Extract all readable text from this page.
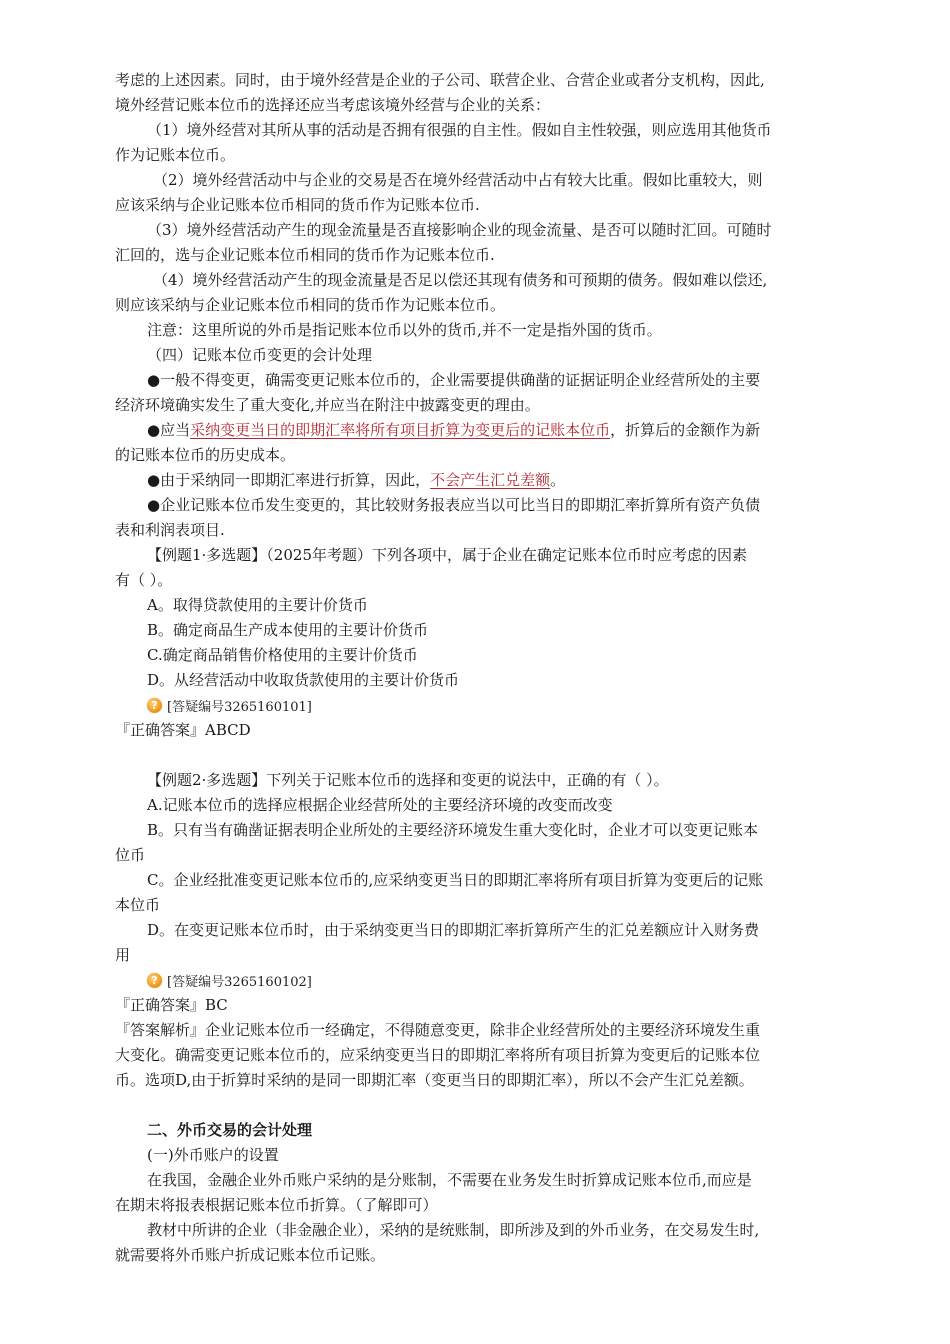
考虑的上述因素。同时，由于境外经营是企业的子公司、联营企业、合营企业或者分支机构，因此,
境外经营记账本位币的选择还应当考虑该境外经营与企业的关系：
（1）境外经营对其所从事的活动是否拥有很强的自主性。假如自主性较强，则应选用其他货币
作为记账本位币。
（2）境外经营活动中与企业的交易是否在境外经营活动中占有较大比重。假如比重较大，则
应该采纳与企业记账本位币相同的货币作为记账本位币.
（3）境外经营活动产生的现金流量是否直接影响企业的现金流量、是否可以随时汇回。可随时
汇回的，选与企业记账本位币相同的货币作为记账本位币.
（4）境外经营活动产生的现金流量是否足以偿还其现有债务和可预期的债务。假如难以偿还,
则应该采纳与企业记账本位币相同的货币作为记账本位币。
注意：这里所说的外币是指记账本位币以外的货币,并不一定是指外国的货币。
（四）记账本位币变更的会计处理
●一般不得变更，确需变更记账本位币的，企业需要提供确凿的证据证明企业经营所处的主要
经济环境确实发生了重大变化,并应当在附注中披露变更的理由。
●应当采纳变更当日的即期汇率将所有项目折算为变更后的记账本位币，折算后的金额作为新
的记账本位币的历史成本。
●由于采纳同一即期汇率进行折算，因此，不会产生汇兑差额。
●企业记账本位币发生变更的，其比较财务报表应当以可比当日的即期汇率折算所有资产负债
表和利润表项目.
【例题1·多选题】（2025年考题）下列各项中，属于企业在确定记账本位币时应考虑的因素
有（ ）。
A。取得贷款使用的主要计价货币
B。确定商品生产成本使用的主要计价货币
C.确定商品销售价格使用的主要计价货币
D。从经营活动中收取货款使用的主要计价货币
? [答疑编号3265160101]
『正确答案』ABCD
【例题2·多选题】下列关于记账本位币的选择和变更的说法中，正确的有（ ）。
A.记账本位币的选择应根据企业经营所处的主要经济环境的改变而改变
B。只有当有确凿证据表明企业所处的主要经济环境发生重大变化时，企业才可以变更记账本
位币
C。企业经批准变更记账本位币的,应采纳变更当日的即期汇率将所有项目折算为变更后的记账
本位币
D。在变更记账本位币时，由于采纳变更当日的即期汇率折算所产生的汇兑差额应计入财务费
用
? [答疑编号3265160102]
『正确答案』BC
『答案解析』企业记账本位币一经确定，不得随意变更，除非企业经营所处的主要经济环境发生重
大变化。确需变更记账本位币的，应采纳变更当日的即期汇率将所有项目折算为变更后的记账本位
币。选项D,由于折算时采纳的是同一即期汇率（变更当日的即期汇率），所以不会产生汇兑差额。
二、外币交易的会计处理
(一)外币账户的设置
在我国，金融企业外币账户采纳的是分账制，不需要在业务发生时折算成记账本位币,而应是
在期末将报表根据记账本位币折算。（了解即可）
教材中所讲的企业（非金融企业），采纳的是统账制，即所涉及到的外币业务，在交易发生时,
就需要将外币账户折成记账本位币记账。
